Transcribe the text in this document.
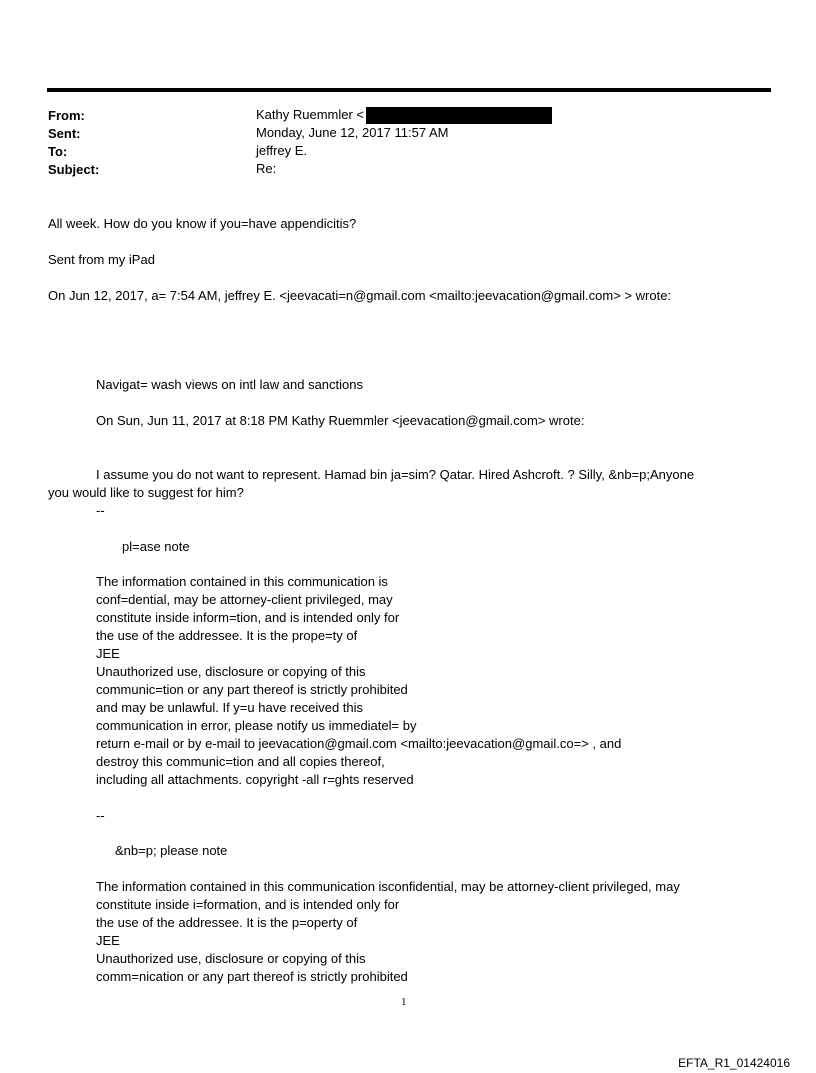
From:	Kathy Ruemmler <
Sent:	Monday, June 12, 2017 11:57 AM
To:	jeffrey E.
Subject:	Re:
All week. How do you know if you=have appendicitis?
Sent from my iPad
On Jun 12, 2017, a= 7:54 AM, jeffrey E. <jeevacati=n@gmail.com <mailto:jeevacation@gmail.com> > wrote:
Navigat= wash views on intl law and sanctions
On Sun, Jun 11, 2017 at 8:18 PM Kathy Ruemmler <jeevacation@gmail.com> wrote:
I assume you do not want to represent. Hamad bin ja=sim? Qatar. Hired Ashcroft. ? Silly, &nb=p;Anyone
you would like to suggest for him?
--
pl=ase note
The information contained in this communication is
conf=dential, may be attorney-client privileged, may
constitute inside inform=tion, and is intended only for
the use of the addressee. It is the prope=ty of
JEE
Unauthorized use, disclosure or copying of this
communic=tion or any part thereof is strictly prohibited
and may be unlawful. If y=u have received this
communication in error, please notify us immediatel= by
return e-mail or by e-mail to jeevacation@gmail.com <mailto:jeevacation@gmail.co=> , and
destroy this communic=tion and all copies thereof,
including all attachments. copyright -all r=ghts reserved
--
&nb=p; please note
The information contained in this communication isconfidential, may be attorney-client privileged, may
constitute inside i=formation, and is intended only for
the use of the addressee. It is the p=operty of
JEE
Unauthorized use, disclosure or copying of this
comm=nication or any part thereof is strictly prohibited
1
EFTA_R1_01424016
